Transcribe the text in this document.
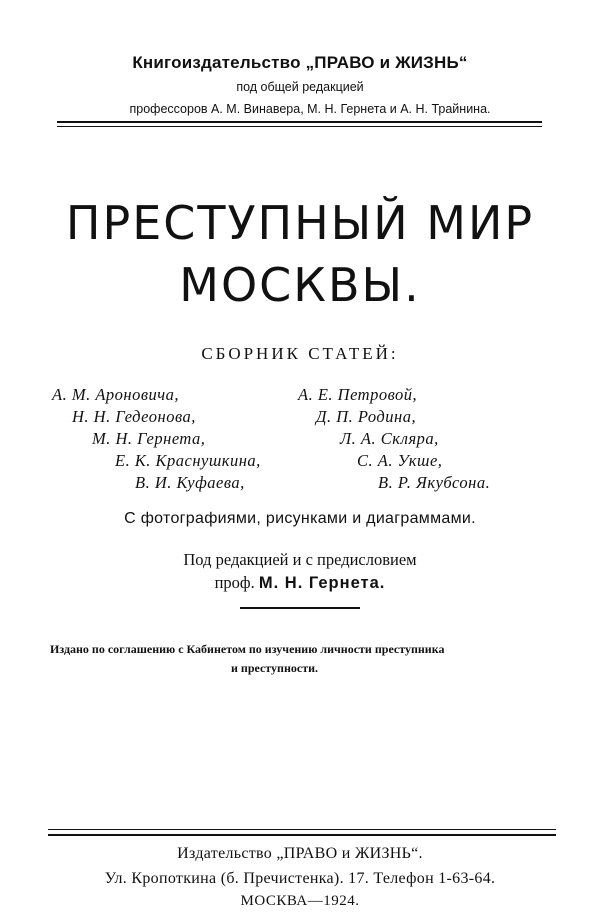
Книгоиздательство „ПРАВО и ЖИЗНЬ“
под общей редакцией
профессоров А. М. Винавера, М. Н. Гернета и А. Н. Трайнина.
ПРЕСТУПНЫЙ МИР
МОСКВЫ.
СБОРНИК СТАТЕЙ:
А. М. Аронович​а,
Н. Н. Гедеонова,
М. Н. Гернета,
Е. К. Краснушкина,
В. И. Куфаева,
А. Е. Петровой,
Д. П. Родина,
Л. А. Скляра,
С. А. Укше,
В. Р. Якубсона.
С фотографиями, рисунками и диаграммами.
Под редакцией и с предисловием
проф. М. Н. Гернета.
Издано по соглашению с Кабинетом по изучению личности преступника
и преступности.
Издательство „ПРАВО и ЖИЗНЬ“.
Ул. Кропоткина (б. Пречистенка). 17. Телефон 1-63-64.
МОСКВА—1924.
